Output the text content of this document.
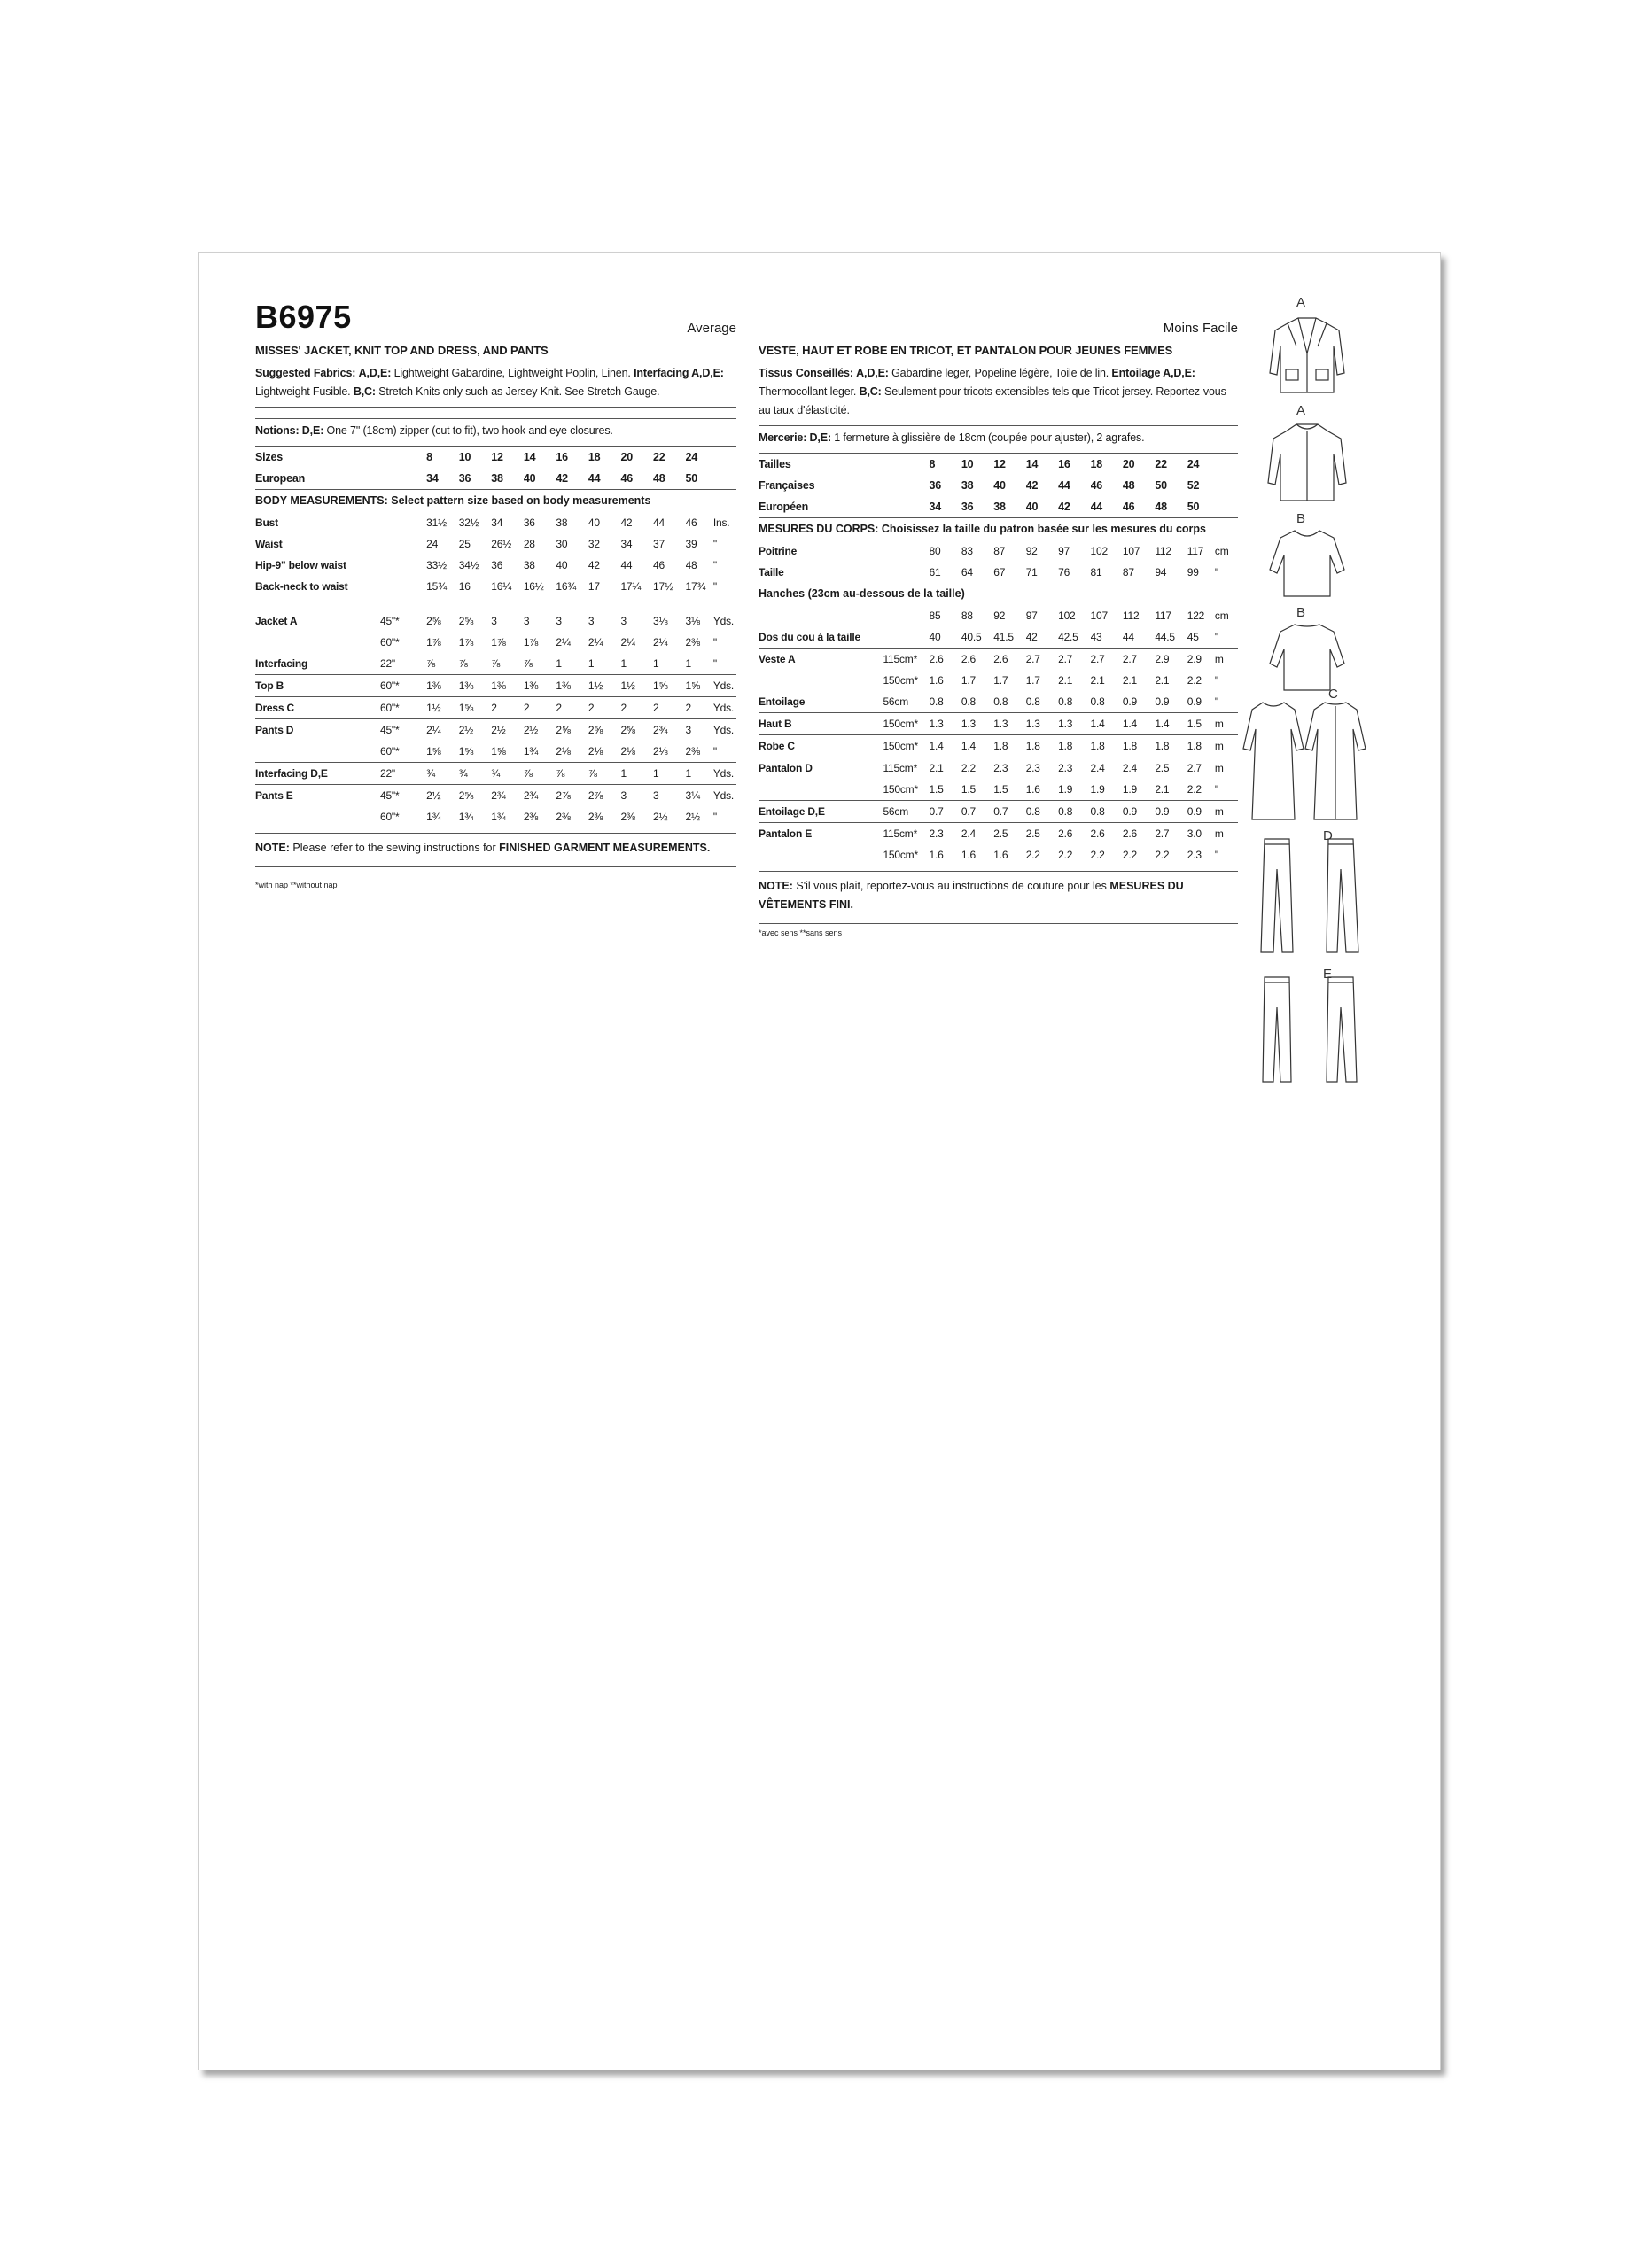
B6975	Average
MISSES' JACKET, KNIT TOP AND DRESS, AND PANTS
Suggested Fabrics: A,D,E: Lightweight Gabardine, Lightweight Poplin, Linen. Interfacing A,D,E: Lightweight Fusible. B,C: Stretch Knits only such as Jersey Knit. See Stretch Gauge.
Notions: D,E: One 7" (18cm) zipper (cut to fit), two hook and eye closures.
Sizes		8	10	12	14	16	18	20	22	24	
European		34	36	38	40	42	44	46	48	50	
BODY MEASUREMENTS: Select pattern size based on body measurements
Bust		31½	32½	34	36	38	40	42	44	46	Ins.
Waist		24	25	26½	28	30	32	34	37	39	"
Hip-9" below waist		33½	34½	36	38	40	42	44	46	48	"
Back-neck to waist		15¾	16	16¼	16½	16¾	17	17¼	17½	17¾	"
Jacket A	45"*	2⅝	2⅝	3	3	3	3	3	3⅛	3⅛	Yds.
	60"*	1⅞	1⅞	1⅞	1⅞	2¼	2¼	2¼	2¼	2⅜	"
Interfacing	22"	⅞	⅞	⅞	⅞	1	1	1	1	1	"
Top B	60"*	1⅜	1⅜	1⅜	1⅜	1⅜	1½	1½	1⅝	1⅝	Yds.
Dress C	60"*	1½	1⅝	2	2	2	2	2	2	2	Yds.
Pants D	45"*	2¼	2½	2½	2½	2⅝	2⅝	2⅝	2¾	3	Yds.
	60"*	1⅝	1⅝	1⅝	1¾	2⅛	2⅛	2⅛	2⅛	2⅜	"
Interfacing D,E	22"	¾	¾	¾	⅞	⅞	⅞	1	1	1	Yds.
Pants E	45"*	2½	2⅝	2¾	2¾	2⅞	2⅞	3	3	3¼	Yds.
	60"*	1¾	1¾	1¾	2⅜	2⅜	2⅜	2⅜	2½	2½	"
NOTE: Please refer to the sewing instructions for FINISHED GARMENT MEASUREMENTS.
*with nap **without nap
Moins Facile
VESTE, HAUT ET ROBE EN TRICOT, ET PANTALON POUR JEUNES FEMMES
Tissus Conseillés: A,D,E: Gabardine leger, Popeline légère, Toile de lin. Entoilage A,D,E: Thermocollant leger. B,C: Seulement pour tricots extensibles tels que Tricot jersey. Reportez-vous au taux d'élasticité.
Mercerie: D,E: 1 fermeture à glissière de 18cm (coupée pour ajuster), 2 agrafes.
Tailles		8	10	12	14	16	18	20	22	24	
Françaises		36	38	40	42	44	46	48	50	52	
Européen		34	36	38	40	42	44	46	48	50	
MESURES DU CORPS: Choisissez la taille du patron basée sur les mesures du corps
Poitrine		80	83	87	92	97	102	107	112	117	cm
Taille		61	64	67	71	76	81	87	94	99	"
Hanches (23cm au-dessous de la taille)
		85	88	92	97	102	107	112	117	122	cm
Dos du cou à la taille		40	40.5	41.5	42	42.5	43	44	44.5	45	"
Veste A	115cm*	2.6	2.6	2.6	2.7	2.7	2.7	2.7	2.9	2.9	m
	150cm*	1.6	1.7	1.7	1.7	2.1	2.1	2.1	2.1	2.2	"
Entoilage	56cm	0.8	0.8	0.8	0.8	0.8	0.8	0.9	0.9	0.9	"
Haut B	150cm*	1.3	1.3	1.3	1.3	1.3	1.4	1.4	1.4	1.5	m
Robe C	150cm*	1.4	1.4	1.8	1.8	1.8	1.8	1.8	1.8	1.8	m
Pantalon D	115cm*	2.1	2.2	2.3	2.3	2.3	2.4	2.4	2.5	2.7	m
	150cm*	1.5	1.5	1.5	1.6	1.9	1.9	1.9	2.1	2.2	"
Entoilage D,E	56cm	0.7	0.7	0.7	0.8	0.8	0.8	0.9	0.9	0.9	m
Pantalon E	115cm*	2.3	2.4	2.5	2.5	2.6	2.6	2.6	2.7	3.0	m
	150cm*	1.6	1.6	1.6	2.2	2.2	2.2	2.2	2.2	2.3	"
NOTE: S'il vous plait, reportez-vous au instructions de couture pour les MESURES DU VÊTEMENTS FINI.
*avec sens **sans sens
A
A
B
B
C
D
E
